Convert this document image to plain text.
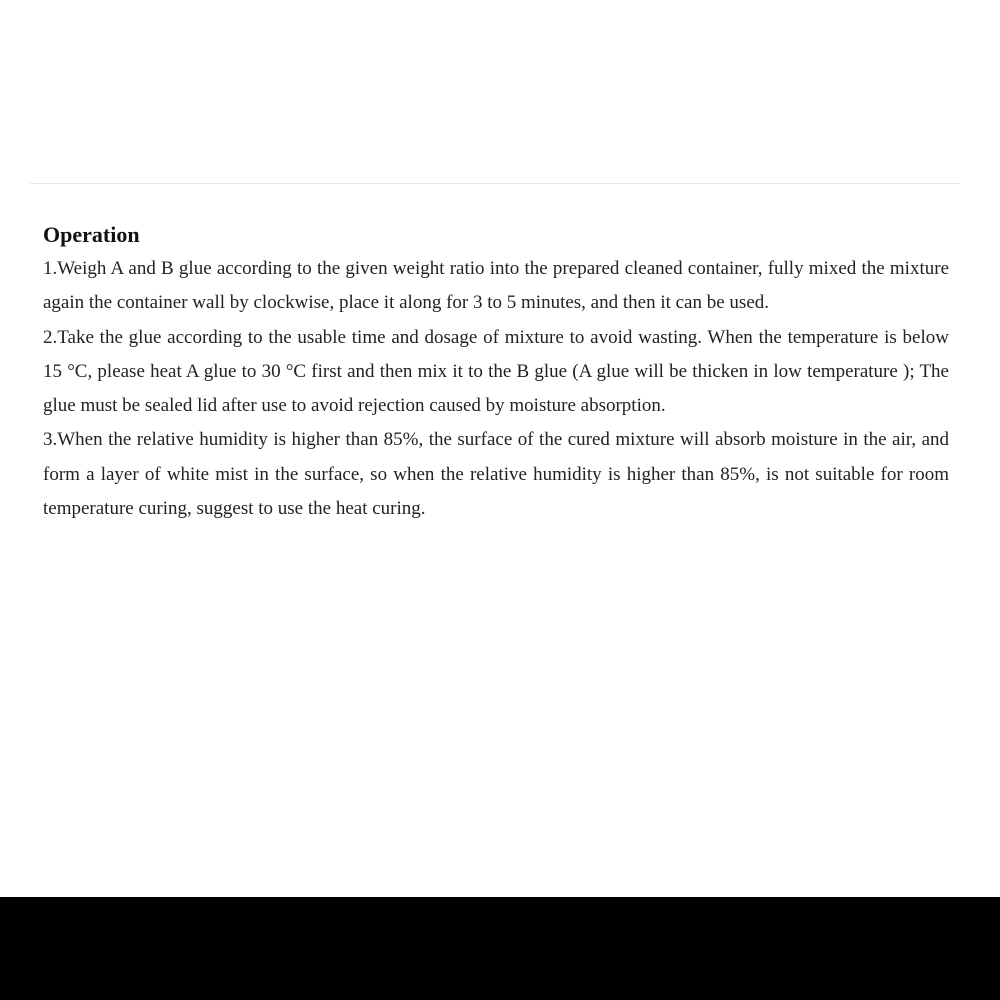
Operation

1.Weigh A and B glue according to the given weight ratio into the prepared cleaned container, fully mixed the mixture again the container wall by clockwise, place it along for 3 to 5 minutes, and then it can be used.

2.Take the glue according to the usable time and dosage of mixture to avoid wasting. When the temperature is below 15 °C, please heat A glue to 30 °C first and then mix it to the B glue (A glue will be thicken in low temperature ); The glue must be sealed lid after use to avoid rejection caused by moisture absorption.

3.When the relative humidity is higher than 85%, the surface of the cured mixture will absorb moisture in the air, and form a layer of white mist in the surface, so when the relative humidity is higher than 85%, is not suitable for room temperature curing, suggest to use the heat curing.
